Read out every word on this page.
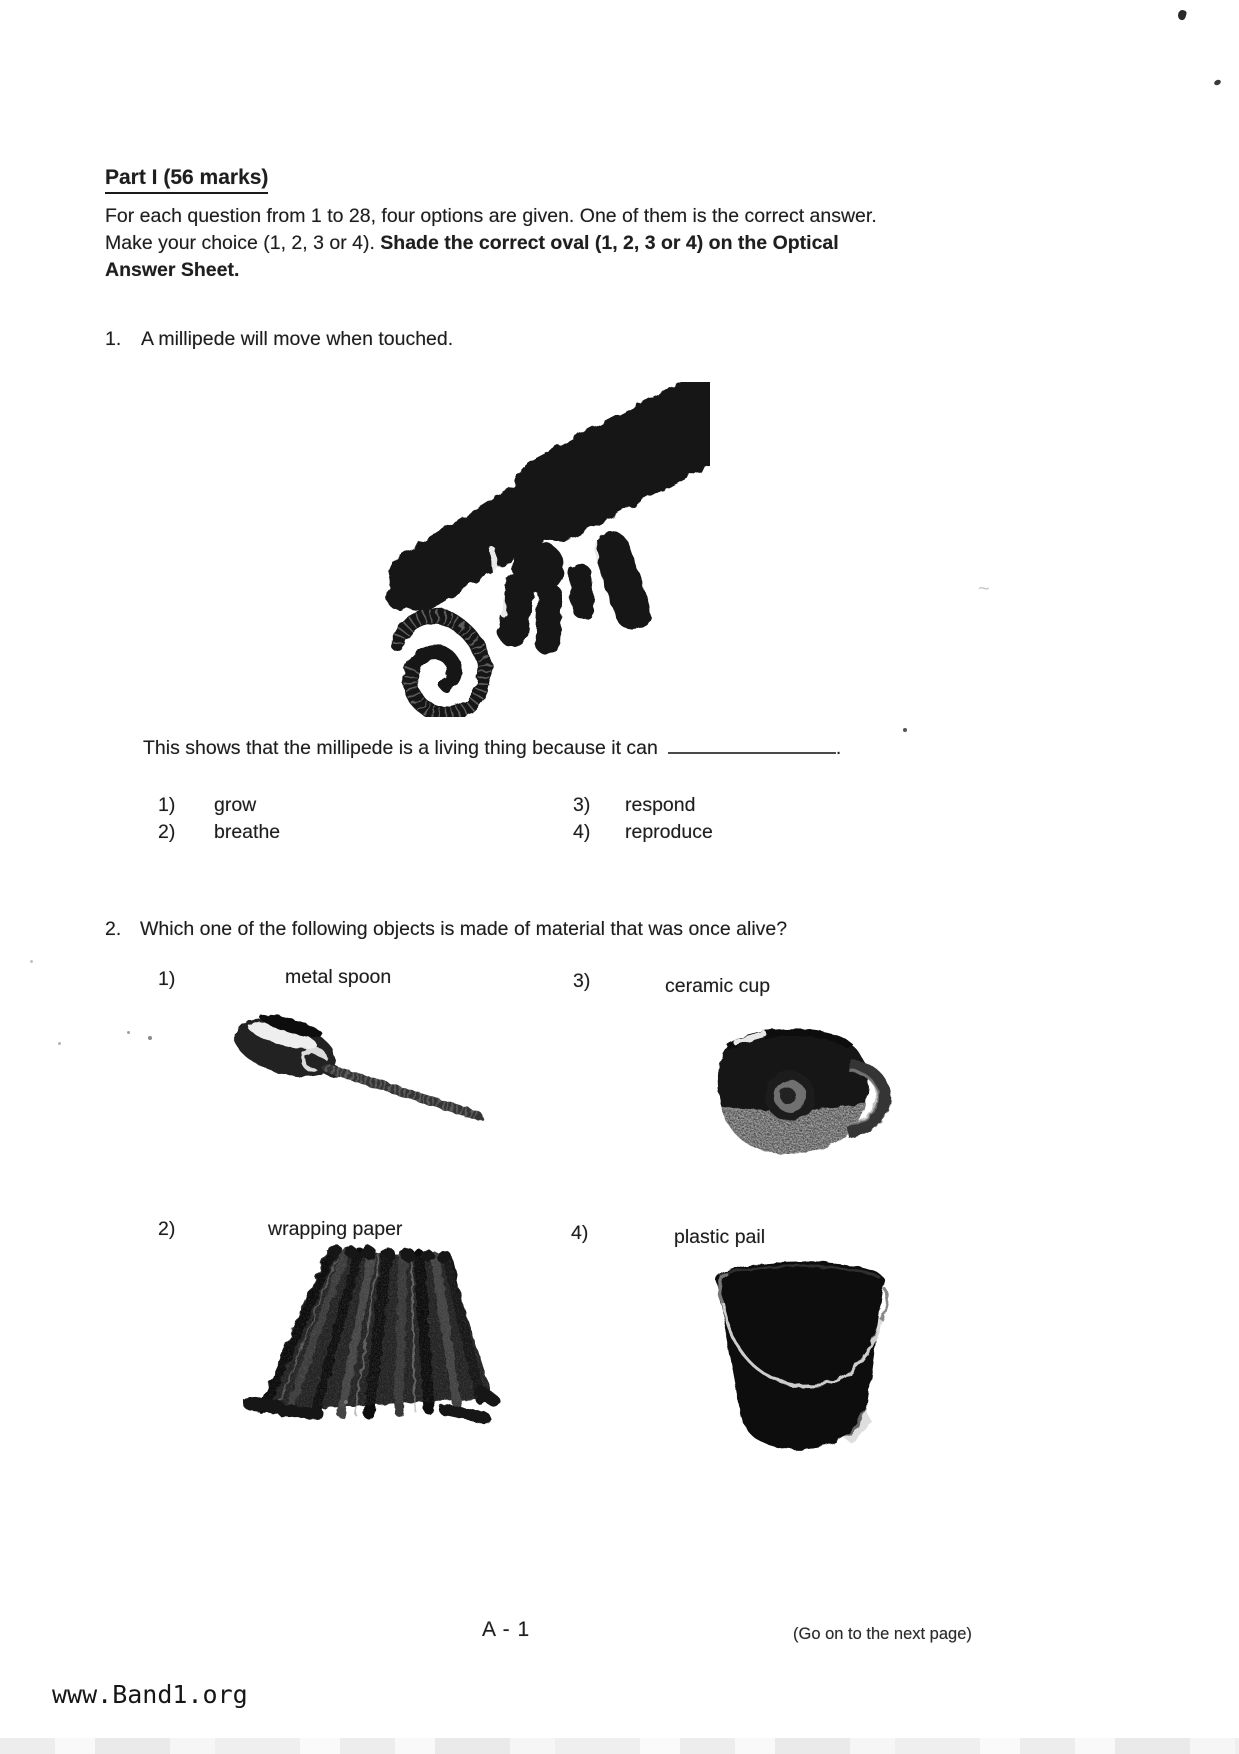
Part I (56 marks)
For each question from 1 to 28, four options are given. One of them is the correct answer. Make your choice (1, 2, 3 or 4). Shade the correct oval (1, 2, 3 or 4) on the Optical Answer Sheet.
1. A millipede will move when touched.
This shows that the millipede is a living thing because it can	.
1) grow
2) breathe
3) respond
4) reproduce
2. Which one of the following objects is made of material that was once alive?
1)	metal spoon	3)	ceramic cup
2)	wrapping paper	4)	plastic pail
A - 1	(Go on to the next page)
www.Band1.org
~
